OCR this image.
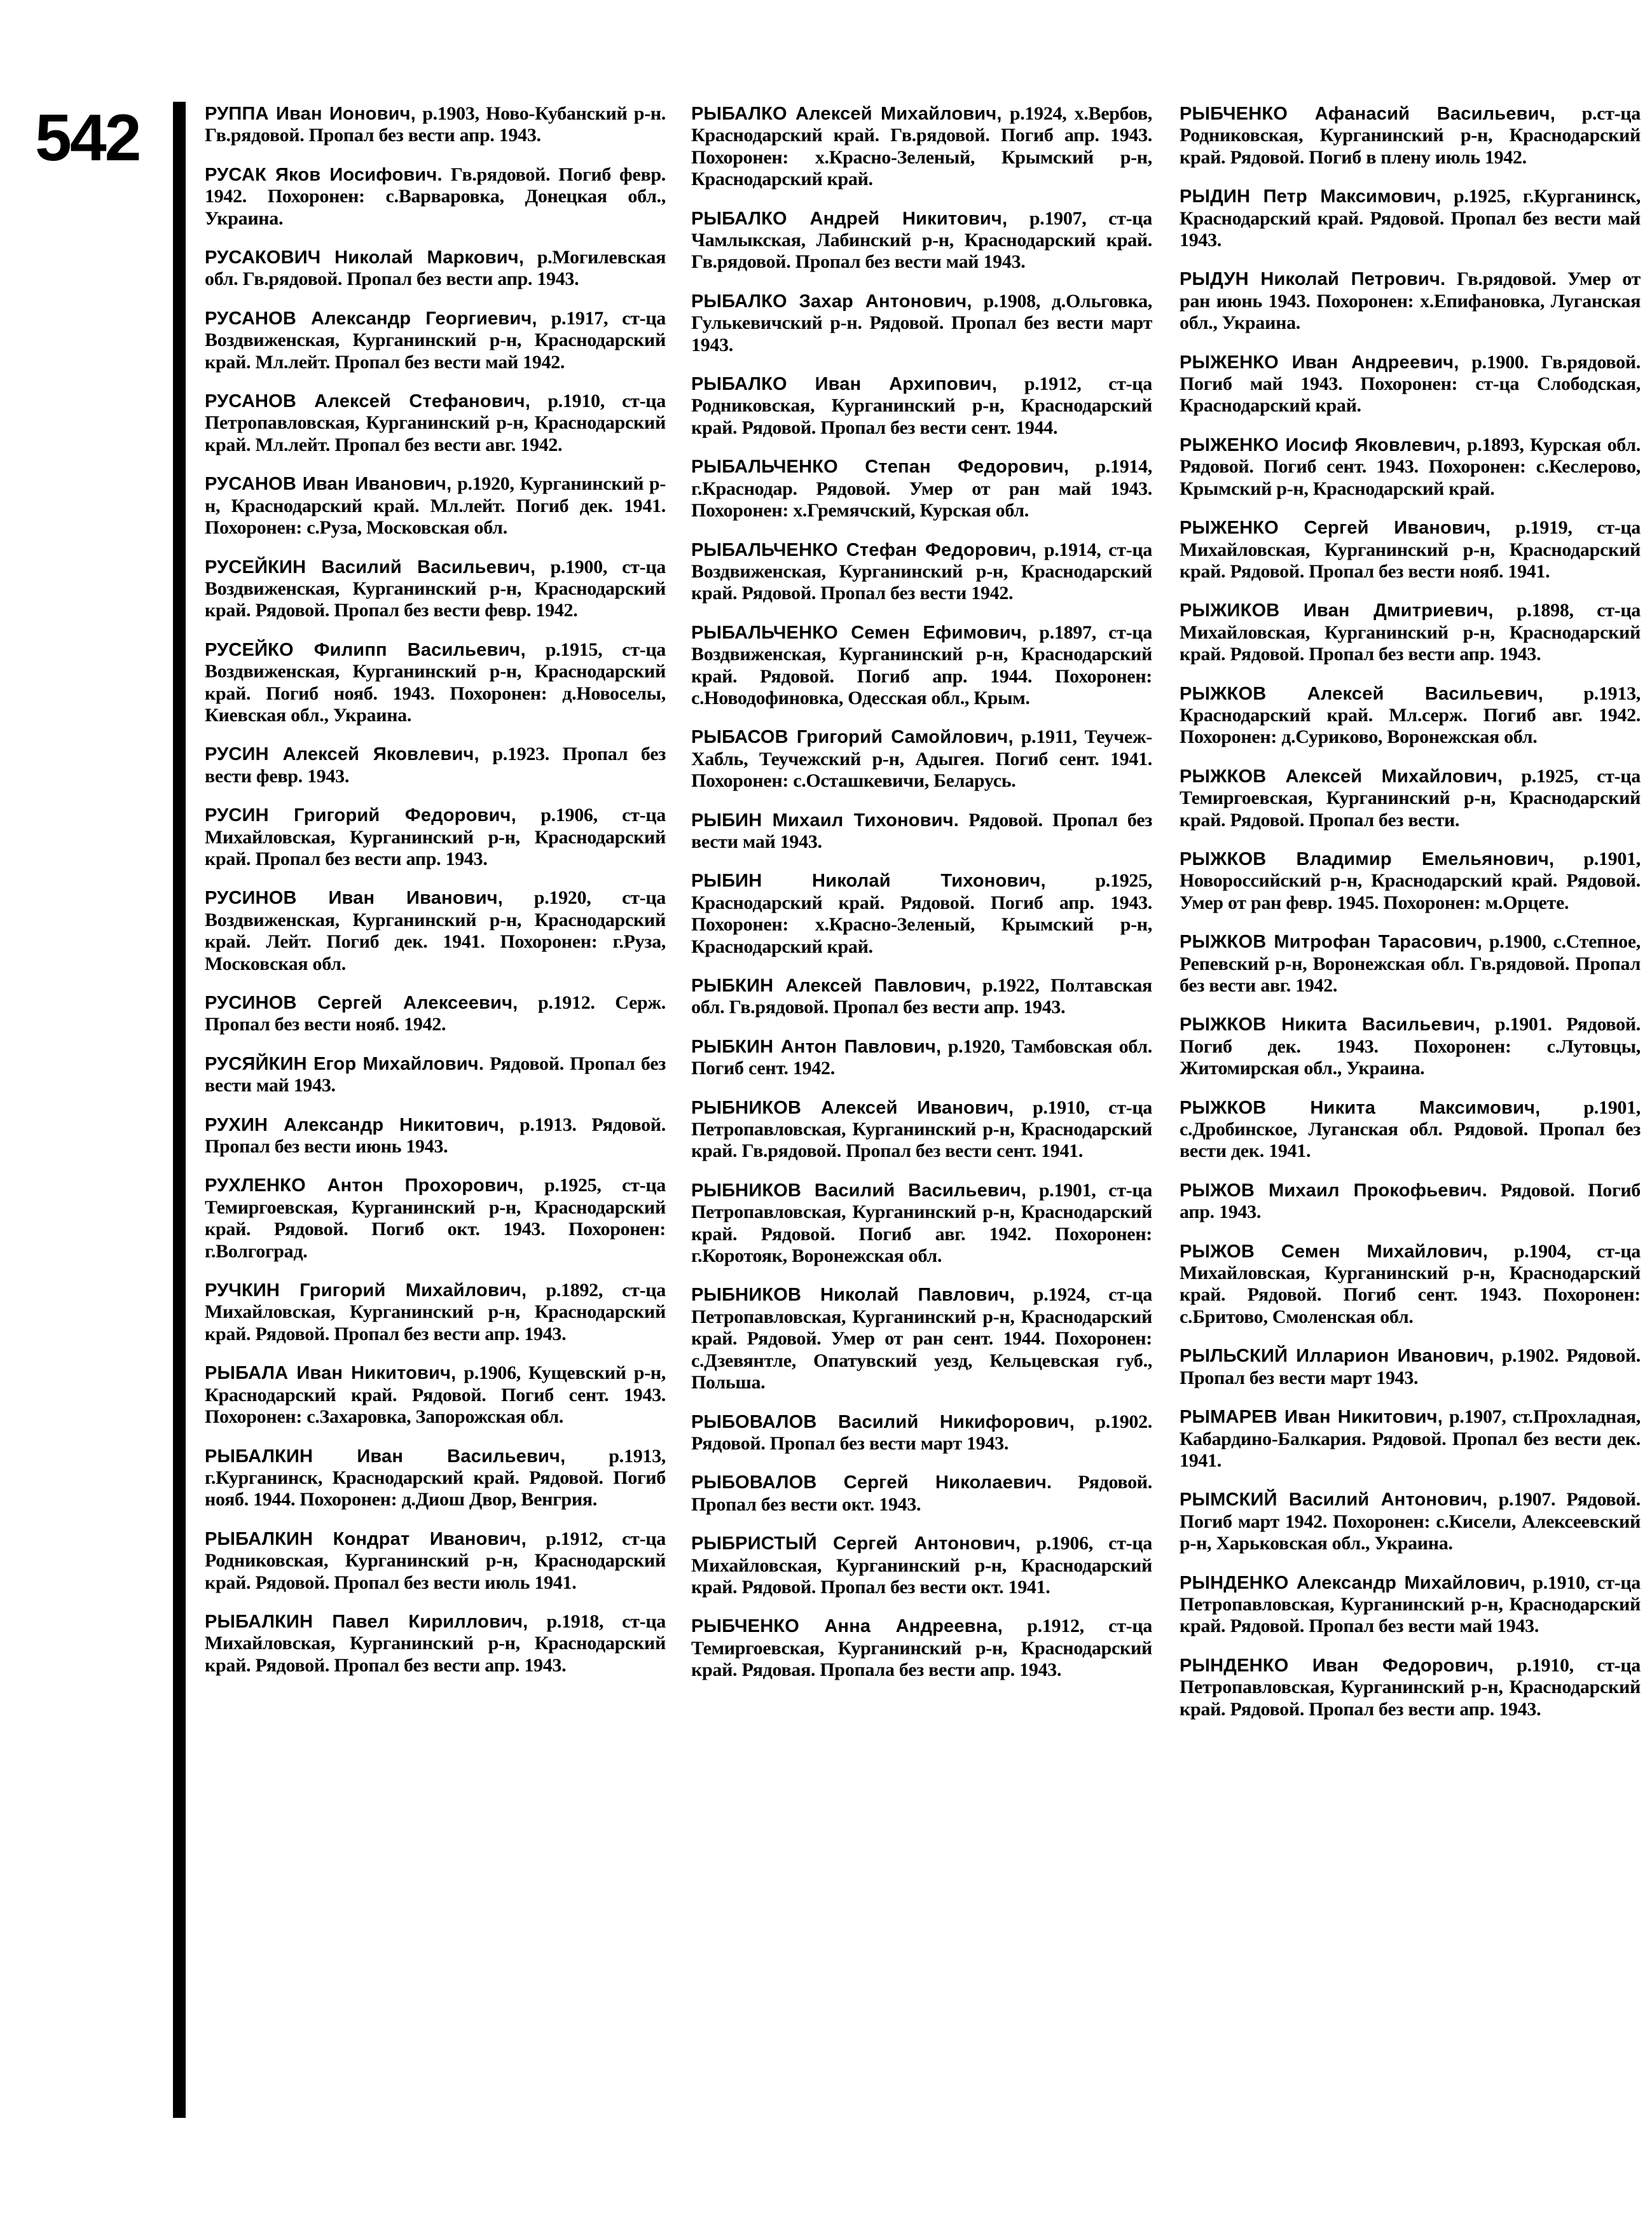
542	РУППА Иван Ионович, р.1903, Ново-Кубанский р-н. Гв.рядовой. Пропал без вести апр. 1943.

РУСАК Яков Иосифович. Гв.рядовой. Погиб февр. 1942. Похоронен: с.Варваровка, Донецкая обл., Украина.

РУСАКОВИЧ Николай Маркович, р.Могилевская обл. Гв.рядовой. Пропал без вести апр. 1943.

РУСАНОВ Александр Георгиевич, р.1917, ст-ца Воздвиженская, Курганинский р-н, Краснодарский край. Мл.лейт. Пропал без вести май 1942.

РУСАНОВ Алексей Стефанович, р.1910, ст-ца Петропавловская, Курганинский р-н, Краснодарский край. Мл.лейт. Пропал без вести авг. 1942.

РУСАНОВ Иван Иванович, р.1920, Курганинский р-н, Краснодарский край. Мл.лейт. Погиб дек. 1941. Похоронен: с.Руза, Московская обл.

РУСЕЙКИН Василий Васильевич, р.1900, ст-ца Воздвиженская, Курганинский р-н, Краснодарский край. Рядовой. Пропал без вести февр. 1942.

РУСЕЙКО Филипп Васильевич, р.1915, ст-ца Воздвиженская, Курганинский р-н, Краснодарский край. Погиб нояб. 1943. Похоронен: д.Новоселы, Киевская обл., Украина.

РУСИН Алексей Яковлевич, р.1923. Пропал без вести февр. 1943.

РУСИН Григорий Федорович, р.1906, ст-ца Михайловская, Курганинский р-н, Краснодарский край. Пропал без вести апр. 1943.

РУСИНОВ Иван Иванович, р.1920, ст-ца Воздвиженская, Курганинский р-н, Краснодарский край. Лейт. Погиб дек. 1941. Похоронен: г.Руза, Московская обл.

РУСИНОВ Сергей Алексеевич, р.1912. Серж. Пропал без вести нояб. 1942.

РУСЯЙКИН Егор Михайлович. Рядовой. Пропал без вести май 1943.

РУХИН Александр Никитович, р.1913. Рядовой. Пропал без вести июнь 1943.

РУХЛЕНКО Антон Прохорович, р.1925, ст-ца Темиргоевская, Курганинский р-н, Краснодарский край. Рядовой. Погиб окт. 1943. Похоронен: г.Волгоград.

РУЧКИН Григорий Михайлович, р.1892, ст-ца Михайловская, Курганинский р-н, Краснодарский край. Рядовой. Пропал без вести апр. 1943.

РЫБАЛА Иван Никитович, р.1906, Кущевский р-н, Краснодарский край. Рядовой. Погиб сент. 1943. Похоронен: с.Захаровка, Запорожская обл.

РЫБАЛКИН Иван Васильевич, р.1913, г.Курганинск, Краснодарский край. Рядовой. Погиб нояб. 1944. Похоронен: д.Диош Двор, Венгрия.

РЫБАЛКИН Кондрат Иванович, р.1912, ст-ца Родниковская, Курганинский р-н, Краснодарский край. Рядовой. Пропал без вести июль 1941.

РЫБАЛКИН Павел Кириллович, р.1918, ст-ца Михайловская, Курганинский р-н, Краснодарский край. Рядовой. Пропал без вести апр. 1943.

РЫБАЛКО Алексей Михайлович, р.1924, х.Вербов, Краснодарский край. Гв.рядовой. Погиб апр. 1943. Похоронен: х.Красно-Зеленый, Крымский р-н, Краснодарский край.

РЫБАЛКО Андрей Никитович, р.1907, ст-ца Чамлыкская, Лабинский р-н, Краснодарский край. Гв.рядовой. Пропал без вести май 1943.

РЫБАЛКО Захар Антонович, р.1908, д.Ольговка, Гулькевичский р-н. Рядовой. Пропал без вести март 1943.

РЫБАЛКО Иван Архипович, р.1912, ст-ца Родниковская, Курганинский р-н, Краснодарский край. Рядовой. Пропал без вести сент. 1944.

РЫБАЛЬЧЕНКО Степан Федорович, р.1914, г.Краснодар. Рядовой. Умер от ран май 1943. Похоронен: х.Гремячский, Курская обл.

РЫБАЛЬЧЕНКО Стефан Федорович, р.1914, ст-ца Воздвиженская, Курганинский р-н, Краснодарский край. Рядовой. Пропал без вести 1942.

РЫБАЛЬЧЕНКО Семен Ефимович, р.1897, ст-ца Воздвиженская, Курганинский р-н, Краснодарский край. Рядовой. Погиб апр. 1944. Похоронен: с.Новодофиновка, Одесская обл., Крым.

РЫБАСОВ Григорий Самойлович, р.1911, Теучеж-Хабль, Теучежский р-н, Адыгея. Погиб сент. 1941. Похоронен: с.Осташкевичи, Беларусь.

РЫБИН Михаил Тихонович. Рядовой. Пропал без вести май 1943.

РЫБИН Николай Тихонович, р.1925, Краснодарский край. Рядовой. Погиб апр. 1943. Похоронен: х.Красно-Зеленый, Крымский р-н, Краснодарский край.

РЫБКИН Алексей Павлович, р.1922, Полтавская обл. Гв.рядовой. Пропал без вести апр. 1943.

РЫБКИН Антон Павлович, р.1920, Тамбовская обл. Погиб сент. 1942.

РЫБНИКОВ Алексей Иванович, р.1910, ст-ца Петропавловская, Курганинский р-н, Краснодарский край. Гв.рядовой. Пропал без вести сент. 1941.

РЫБНИКОВ Василий Васильевич, р.1901, ст-ца Петропавловская, Курганинский р-н, Краснодарский край. Рядовой. Погиб авг. 1942. Похоронен: г.Коротояк, Воронежская обл.

РЫБНИКОВ Николай Павлович, р.1924, ст-ца Петропавловская, Курганинский р-н, Краснодарский край. Рядовой. Умер от ран сент. 1944. Похоронен: с.Дзевянтле, Опатувский уезд, Кельцевская губ., Польша.

РЫБОВАЛОВ Василий Никифорович, р.1902. Рядовой. Пропал без вести март 1943.

РЫБОВАЛОВ Сергей Николаевич. Рядовой. Пропал без вести окт. 1943.

РЫБРИСТЫЙ Сергей Антонович, р.1906, ст-ца Михайловская, Курганинский р-н, Краснодарский край. Рядовой. Пропал без вести окт. 1941.

РЫБЧЕНКО Анна Андреевна, р.1912, ст-ца Темиргоевская, Курганинский р-н, Краснодарский край. Рядовая. Пропала без вести апр. 1943.

РЫБЧЕНКО Афанасий Васильевич, р.ст-ца Родниковская, Курганинский р-н, Краснодарский край. Рядовой. Погиб в плену июль 1942.

РЫДИН Петр Максимович, р.1925, г.Курганинск, Краснодарский край. Рядовой. Пропал без вести май 1943.

РЫДУН Николай Петрович. Гв.рядовой. Умер от ран июнь 1943. Похоронен: х.Епифановка, Луганская обл., Украина.

РЫЖЕНКО Иван Андреевич, р.1900. Гв.рядовой. Погиб май 1943. Похоронен: ст-ца Слободская, Краснодарский край.

РЫЖЕНКО Иосиф Яковлевич, р.1893, Курская обл. Рядовой. Погиб сент. 1943. Похоронен: с.Кеслерово, Крымский р-н, Краснодарский край.

РЫЖЕНКО Сергей Иванович, р.1919, ст-ца Михайловская, Курганинский р-н, Краснодарский край. Рядовой. Пропал без вести нояб. 1941.

РЫЖИКОВ Иван Дмитриевич, р.1898, ст-ца Михайловская, Курганинский р-н, Краснодарский край. Рядовой. Пропал без вести апр. 1943.

РЫЖКОВ Алексей Васильевич, р.1913, Краснодарский край. Мл.серж. Погиб авг. 1942. Похоронен: д.Суриково, Воронежская обл.

РЫЖКОВ Алексей Михайлович, р.1925, ст-ца Темиргоевская, Курганинский р-н, Краснодарский край. Рядовой. Пропал без вести.

РЫЖКОВ Владимир Емельянович, р.1901, Новороссийский р-н, Краснодарский край. Рядовой. Умер от ран февр. 1945. Похоронен: м.Орцете.

РЫЖКОВ Митрофан Тарасович, р.1900, с.Степное, Репевский р-н, Воронежская обл. Гв.рядовой. Пропал без вести авг. 1942.

РЫЖКОВ Никита Васильевич, р.1901. Рядовой. Погиб дек. 1943. Похоронен: с.Лутовцы, Житомирская обл., Украина.

РЫЖКОВ Никита Максимович, р.1901, с.Дробинское, Луганская обл. Рядовой. Пропал без вести дек. 1941.

РЫЖОВ Михаил Прокофьевич. Рядовой. Погиб апр. 1943.

РЫЖОВ Семен Михайлович, р.1904, ст-ца Михайловская, Курганинский р-н, Краснодарский край. Рядовой. Погиб сент. 1943. Похоронен: с.Бритово, Смоленская обл.

РЫЛЬСКИЙ Илларион Иванович, р.1902. Рядовой. Пропал без вести март 1943.

РЫМАРЕВ Иван Никитович, р.1907, ст.Прохладная, Кабардино-Балкария. Рядовой. Пропал без вести дек. 1941.

РЫМСКИЙ Василий Антонович, р.1907. Рядовой. Погиб март 1942. Похоронен: с.Кисели, Алексеевский р-н, Харьковская обл., Украина.

РЫНДЕНКО Александр Михайлович, р.1910, ст-ца Петропавловская, Курганинский р-н, Краснодарский край. Рядовой. Пропал без вести май 1943.

РЫНДЕНКО Иван Федорович, р.1910, ст-ца Петропавловская, Курганинский р-н, Краснодарский край. Рядовой. Пропал без вести апр. 1943.
